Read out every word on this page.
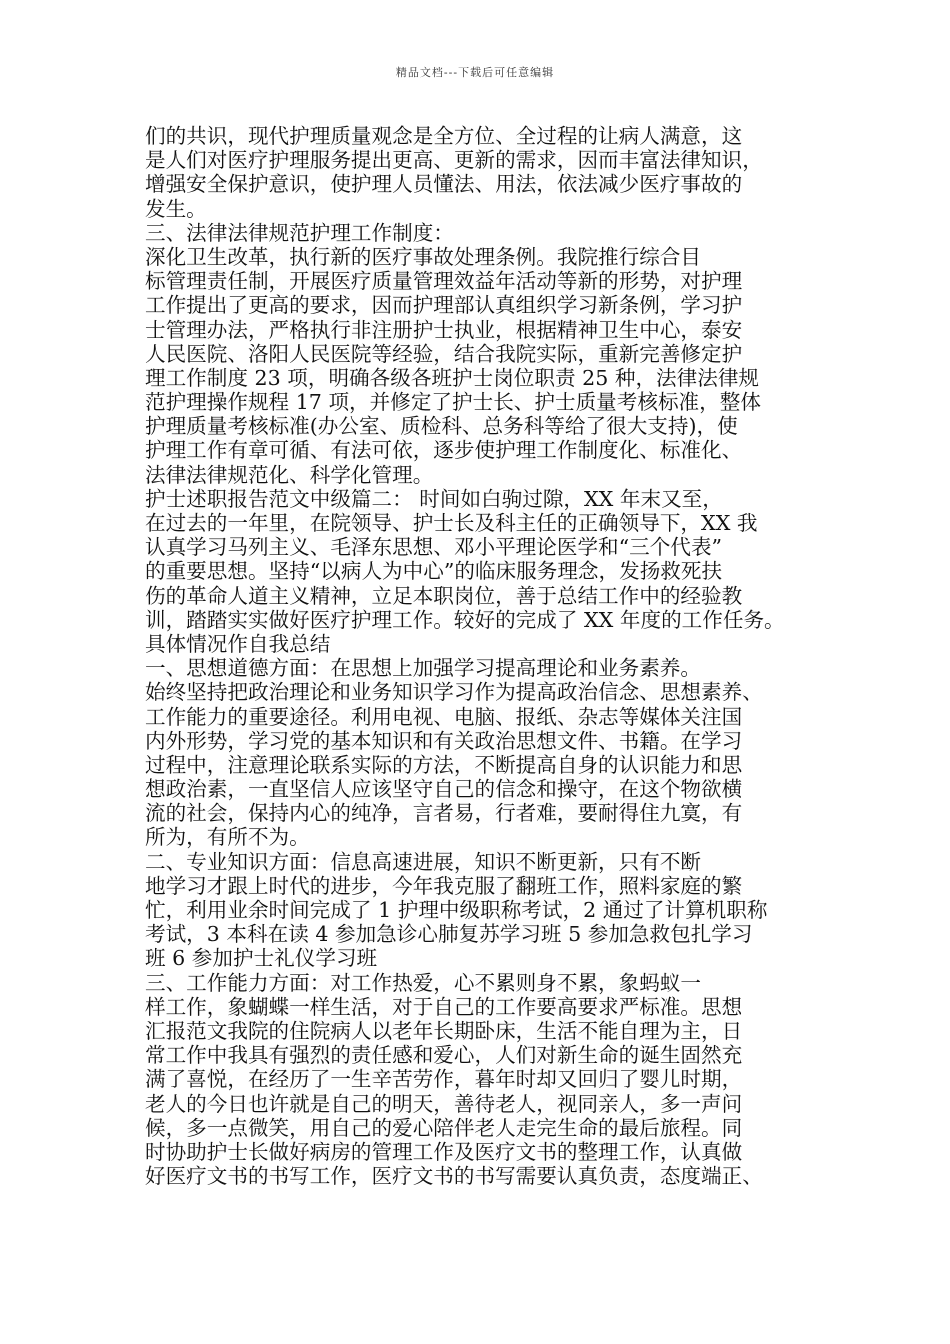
精品文档---下载后可任意编辑
们的共识，现代护理质量观念是全方位、全过程的让病人满意，这
是人们对医疗护理服务提出更高、更新的需求，因而丰富法律知识，
增强安全保护意识，使护理人员懂法、用法，依法减少医疗事故的
发生。
三、法律法律规范护理工作制度：
深化卫生改革，执行新的医疗事故处理条例。我院推行综合目
标管理责任制，开展医疗质量管理效益年活动等新的形势，对护理
工作提出了更高的要求，因而护理部认真组织学习新条例，学习护
士管理办法，严格执行非注册护士执业，根据精神卫生中心，泰安
人民医院、洛阳人民医院等经验，结合我院实际，重新完善修定护
理工作制度 23 项，明确各级各班护士岗位职责 25 种，法律法律规
范护理操作规程 17 项，并修定了护士长、护士质量考核标准，整体
护理质量考核标准(办公室、质检科、总务科等给了很大支持)，使
护理工作有章可循、有法可依，逐步使护理工作制度化、标准化、
法律法律规范化、科学化管理。
护士述职报告范文中级篇二： 时间如白驹过隙，XX 年末又至，
在过去的一年里，在院领导、护士长及科主任的正确领导下，XX 我
认真学习马列主义、毛泽东思想、邓小平理论医学和“三个代表”
的重要思想。坚持“以病人为中心”的临床服务理念，发扬救死扶
伤的革命人道主义精神，立足本职岗位，善于总结工作中的经验教
训，踏踏实实做好医疗护理工作。较好的完成了 XX 年度的工作任务。
具体情况作自我总结
一、思想道德方面：在思想上加强学习提高理论和业务素养。
始终坚持把政治理论和业务知识学习作为提高政治信念、思想素养、
工作能力的重要途径。利用电视、电脑、报纸、杂志等媒体关注国
内外形势，学习党的基本知识和有关政治思想文件、书籍。在学习
过程中，注意理论联系实际的方法，不断提高自身的认识能力和思
想政治素，一直坚信人应该坚守自己的信念和操守，在这个物欲横
流的社会，保持内心的纯净，言者易，行者难，要耐得住九寞，有
所为，有所不为。
二、专业知识方面：信息高速进展，知识不断更新，只有不断
地学习才跟上时代的进步，今年我克服了翻班工作，照料家庭的繁
忙，利用业余时间完成了 1 护理中级职称考试，2 通过了计算机职称
考试，3 本科在读 4 参加急诊心肺复苏学习班 5 参加急救包扎学习
班 6 参加护士礼仪学习班
三、工作能力方面：对工作热爱，心不累则身不累，象蚂蚁一
样工作，象蝴蝶一样生活，对于自己的工作要高要求严标准。思想
汇报范文我院的住院病人以老年长期卧床，生活不能自理为主，日
常工作中我具有强烈的责任感和爱心，人们对新生命的诞生固然充
满了喜悦，在经历了一生辛苦劳作，暮年时却又回归了婴儿时期，
老人的今日也许就是自己的明天，善待老人，视同亲人，多一声问
候，多一点微笑，用自己的爱心陪伴老人走完生命的最后旅程。同
时协助护士长做好病房的管理工作及医疗文书的整理工作，认真做
好医疗文书的书写工作，医疗文书的书写需要认真负责，态度端正、
